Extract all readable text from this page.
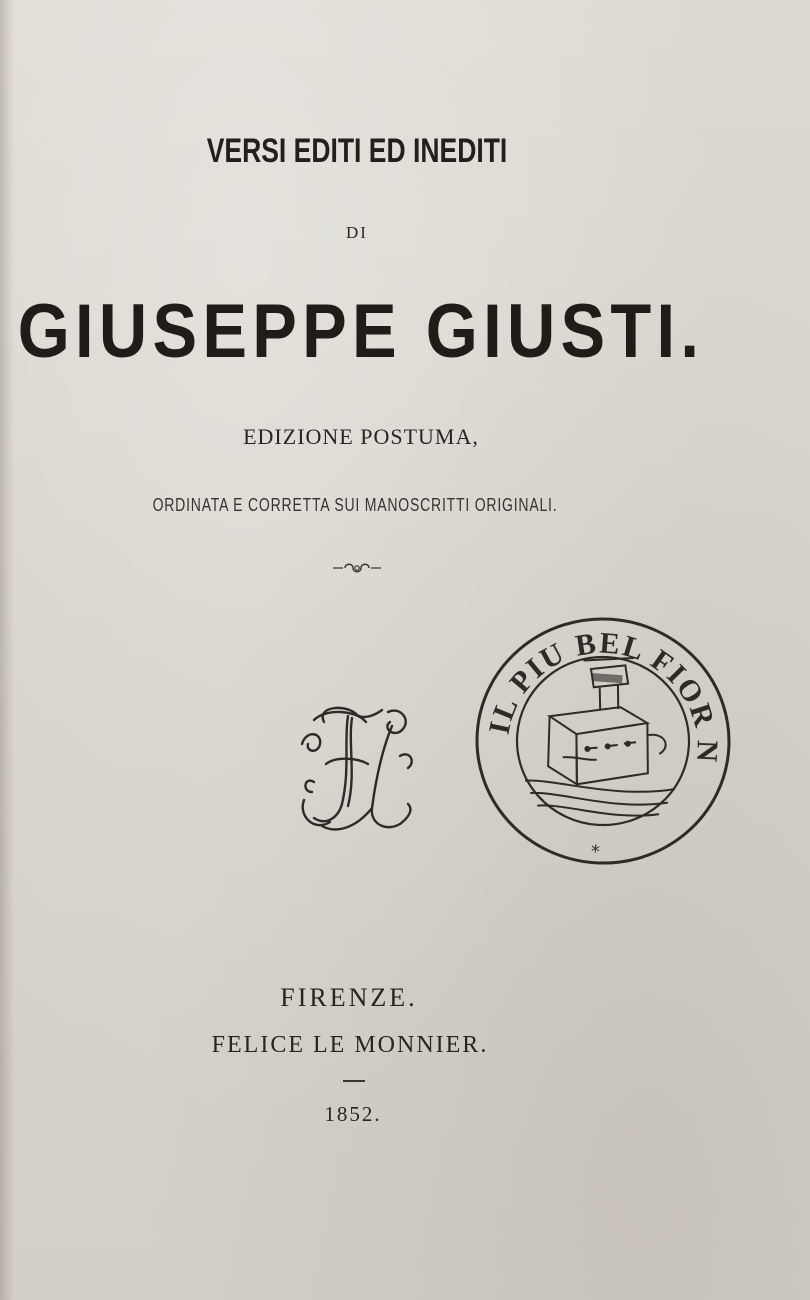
VERSI EDITI ED INEDITI
DI
GIUSEPPE GIUSTI.
EDIZIONE POSTUMA,
ORDINATA E CORRETTA SUI MANOSCRITTI ORIGINALI.
IL PIU BEL FIOR NE
*
FIRENZE.
FELICE LE MONNIER.
1852.
